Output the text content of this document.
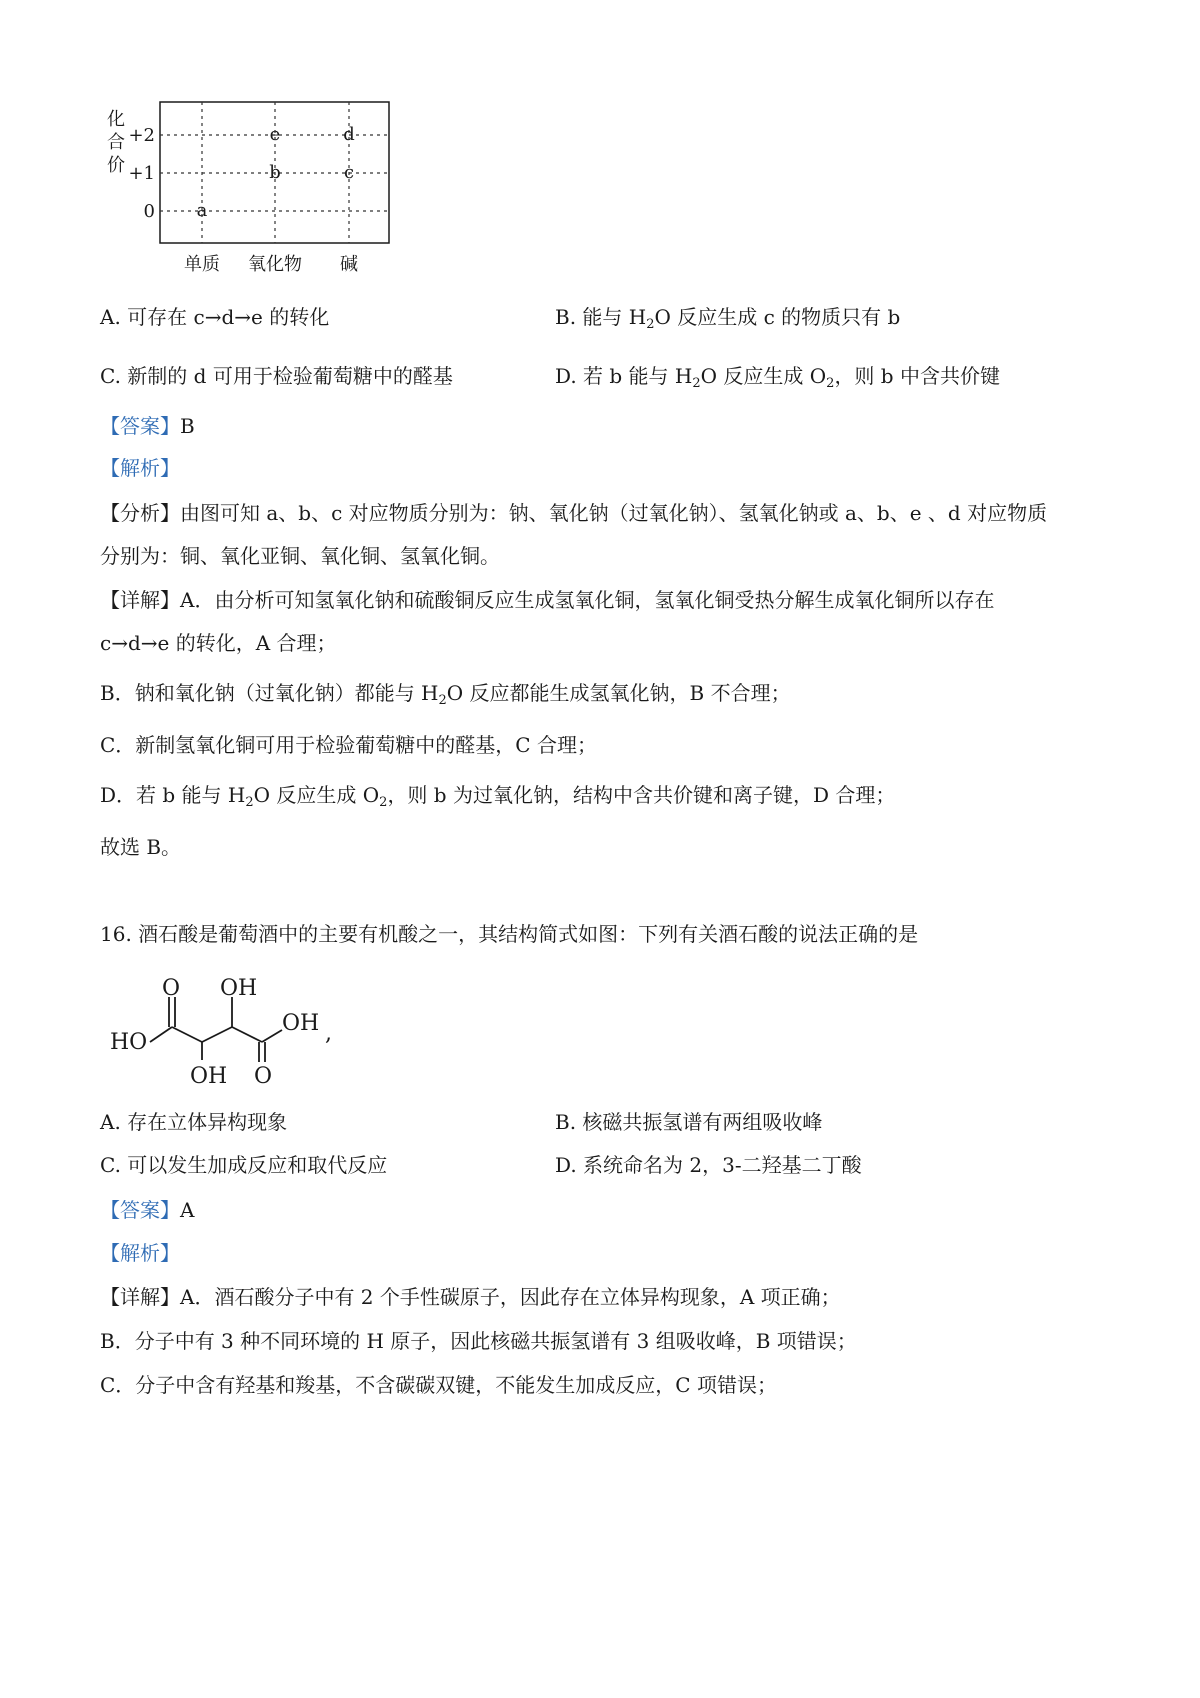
a
b
e
c
d
+2
+1
0
化
合
价
单质 氧化物 碱
A. 可存在 c→d→e 的转化	B. 能与 $H_2O$ 反应生成 c 的物质只有 b
C. 新制的 d 可用于检验葡萄糖中的醛基	D. 若 b 能与 $H_2O$ 反应生成 $O_2$，则 b 中含共价键
【答案】B
【解析】
【分析】由图可知 a、b、c 对应物质分别为：钠、氧化钠（过氧化钠）、氢氧化钠或 a、b、e 、d 对应物质
分别为：铜、氧化亚铜、氧化铜、氢氧化铜。
【详解】A．由分析可知氢氧化钠和硫酸铜反应生成氢氧化铜，氢氧化铜受热分解生成氧化铜所以存在
c→d→e 的转化，A 合理；
B．钠和氧化钠（过氧化钠）都能与 $H_2O$ 反应都能生成氢氧化钠，B 不合理；
C．新制氢氧化铜可用于检验葡萄糖中的醛基，C 合理；
D．若 b 能与 $H_2O$ 反应生成 $O_2$，则 b 为过氧化钠，结构中含共价键和离子键，D 合理；
故选 B。
16. 酒石酸是葡萄酒中的主要有机酸之一，其结构简式如图：下列有关酒石酸的说法正确的是
O OH
OH
HO
OH O
,
A. 存在立体异构现象	B. 核磁共振氢谱有两组吸收峰
C. 可以发生加成反应和取代反应	D. 系统命名为 2，3-二羟基二丁酸
【答案】A
【解析】
【详解】A．酒石酸分子中有 2 个手性碳原子，因此存在立体异构现象，A 项正确；
B．分子中有 3 种不同环境的 H 原子，因此核磁共振氢谱有 3 组吸收峰，B 项错误；
C．分子中含有羟基和羧基，不含碳碳双键，不能发生加成反应，C 项错误；
